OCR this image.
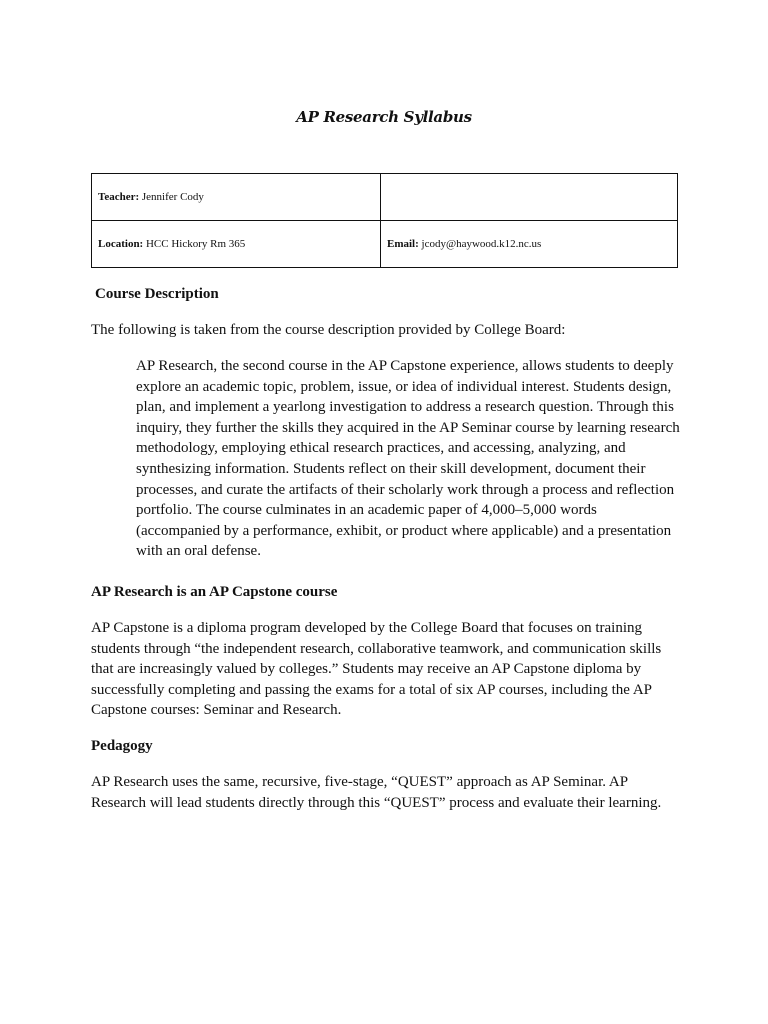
AP Research Syllabus
Teacher: Jennifer Cody	
Location: HCC Hickory Rm 365	Email: jcody@haywood.k12.nc.us

Course Description

The following is taken from the course description provided by College Board:

AP Research, the second course in the AP Capstone experience, allows students to deeply explore an academic topic, problem, issue, or idea of individual interest. Students design, plan, and implement a yearlong investigation to address a research question. Through this inquiry, they further the skills they acquired in the AP Seminar course by learning research methodology, employing ethical research practices, and accessing, analyzing, and synthesizing information. Students reflect on their skill development, document their processes, and curate the artifacts of their scholarly work through a process and reflection portfolio. The course culminates in an academic paper of 4,000–5,000 words (accompanied by a performance, exhibit, or product where applicable) and a presentation with an oral defense.

AP Research is an AP Capstone course

AP Capstone is a diploma program developed by the College Board that focuses on training students through “the independent research, collaborative teamwork, and communication skills that are increasingly valued by colleges.” Students may receive an AP Capstone diploma by successfully completing and passing the exams for a total of six AP courses, including the AP Capstone courses: Seminar and Research.

Pedagogy

AP Research uses the same, recursive, five-stage, “QUEST” approach as AP Seminar. AP Research will lead students directly through this “QUEST” process and evaluate their learning.
